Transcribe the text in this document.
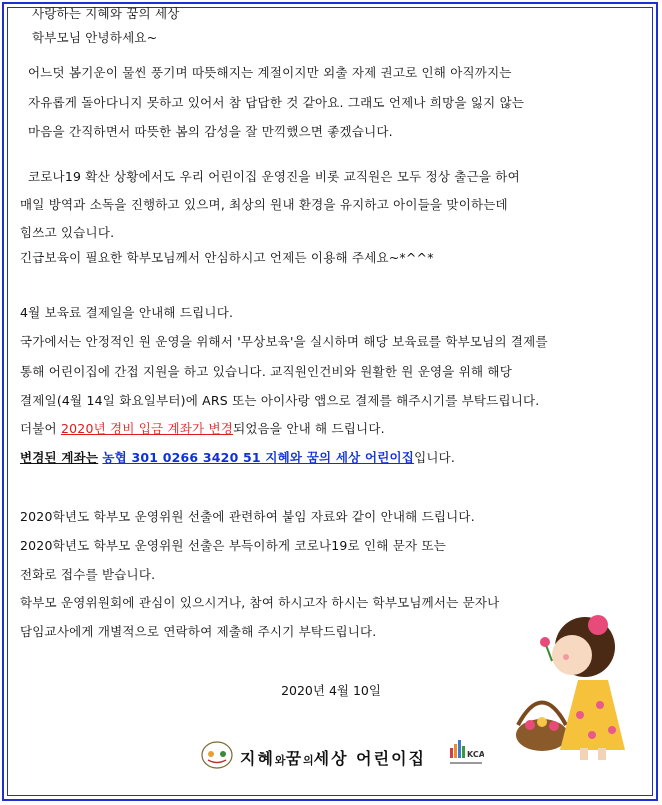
사랑하는 지혜와 꿈의 세상
학부모님 안녕하세요~
어느덧 봄기운이 물씬 풍기며 따뜻해지는 계절이지만 외출 자제 권고로 인해 아직까지는
자유롭게 돌아다니지 못하고 있어서 참 답답한 것 같아요. 그래도 언제나 희망을 잃지 않는
마음을 간직하면서 따뜻한 봄의 감성을 잘 만끽했으면 좋겠습니다.
코로나19 확산 상황에서도 우리 어린이집 운영진을 비롯 교직원은 모두 정상 출근을 하여
매일 방역과 소독을 진행하고 있으며, 최상의 원내 환경을 유지하고 아이들을 맞이하는데
힘쓰고 있습니다.
긴급보육이 필요한 학부모님께서 안심하시고 언제든 이용해 주세요~*^^*
4월 보육료 결제일을 안내해 드립니다.
국가에서는 안정적인 원 운영을 위해서 '무상보육'을 실시하며 해당 보육료를 학부모님의 결제를
통해 어린이집에 간접 지원을 하고 있습니다. 교직원인건비와 원활한 원 운영을 위해 해당
결제일(4월 14일 화요일부터)에 ARS 또는 아이사랑 앱으로 결제를 해주시기를 부탁드립니다.
더불어 2020년 경비 입금 계좌가 변경되었음을 안내 해 드립니다.
변경된 계좌는 농협 301 0266 3420 51 지혜와 꿈의 세상 어린이집입니다.
2020학년도 학부모 운영위원 선출에 관련하여 붙임 자료와 같이 안내해 드립니다.
2020학년도 학부모 운영위원 선출은 부득이하게 코로나19로 인해 문자 또는
전화로 접수를 받습니다.
학부모 운영위원회에 관심이 있으시거나, 참여 하시고자 하시는 학부모님께서는 문자나
담임교사에게 개별적으로 연락하여 제출해 주시기 부탁드립니다.
2020년 4월 10일
지혜와꿈의세상 어린이집	KCA
